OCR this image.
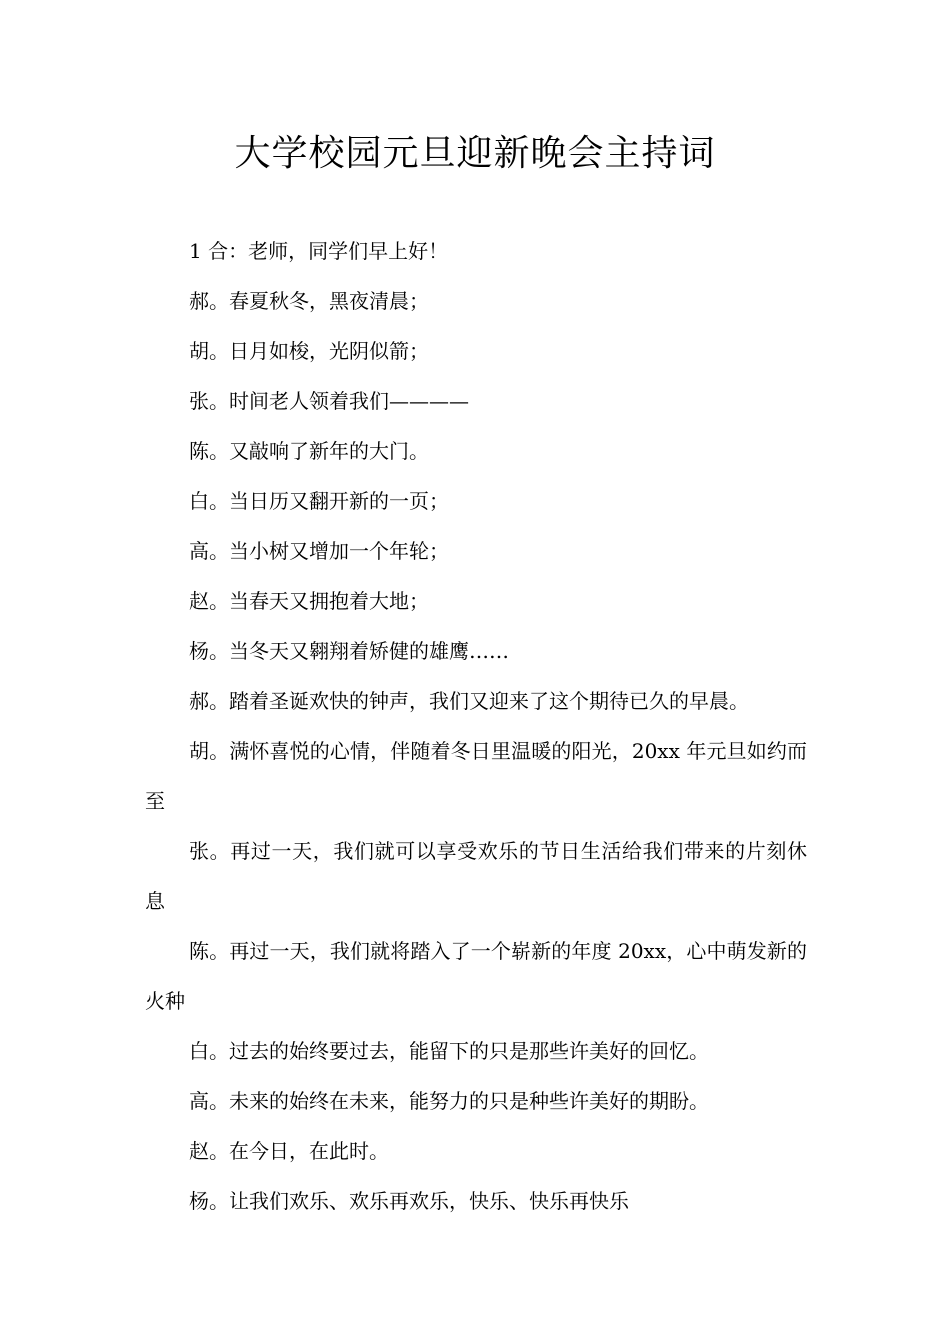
大学校园元旦迎新晚会主持词

1 合：老师，同学们早上好！

郝。春夏秋冬，黑夜清晨；

胡。日月如梭，光阴似箭；

张。时间老人领着我们————

陈。又敲响了新年的大门。

白。当日历又翻开新的一页；

高。当小树又增加一个年轮；

赵。当春天又拥抱着大地；

杨。当冬天又翱翔着矫健的雄鹰……

郝。踏着圣诞欢快的钟声，我们又迎来了这个期待已久的早晨。

胡。满怀喜悦的心情，伴随着冬日里温暖的阳光，20xx 年元旦如约而至

张。再过一天，我们就可以享受欢乐的节日生活给我们带来的片刻休息

陈。再过一天，我们就将踏入了一个崭新的年度 20xx，心中萌发新的火种

白。过去的始终要过去，能留下的只是那些许美好的回忆。

高。未来的始终在未来，能努力的只是种些许美好的期盼。

赵。在今日，在此时。

杨。让我们欢乐、欢乐再欢乐，快乐、快乐再快乐
